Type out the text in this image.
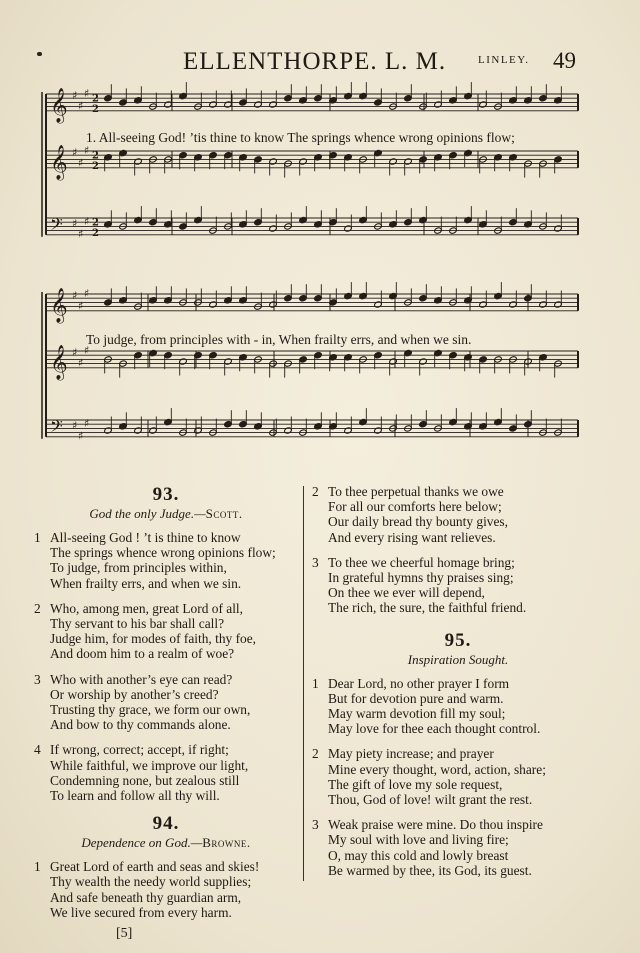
ELLENTHORPE. L. M.	LINLEY. 49
𝄞 ♯
♯
♯ 2
2
𝄞 ♯
♯
♯ 2
2
𝄢 ♯
♯
♯ 2
2
𝄞 ♯
♯
♯
𝄞 ♯
♯
♯
𝄢 ♯
♯
♯
1. All-seeing God! ’tis thine to know The springs whence wrong opinions flow;
To judge, from principles with - in, When frailty errs, and when we sin.
93.
God the only Judge.—Scott.
1 All-seeing God ! ’t is thine to know
The springs whence wrong opinions flow;
To judge, from principles within,
When frailty errs, and when we sin.
2 Who, among men, great Lord of all,
Thy servant to his bar shall call?
Judge him, for modes of faith, thy foe,
And doom him to a realm of woe?
3 Who with another’s eye can read?
Or worship by another’s creed?
Trusting thy grace, we form our own,
And bow to thy commands alone.
4 If wrong, correct; accept, if right;
While faithful, we improve our light,
Condemning none, but zealous still
To learn and follow all thy will.
94.
Dependence on God.—Browne.
1 Great Lord of earth and seas and skies!
Thy wealth the needy world supplies;
And safe beneath thy guardian arm,
We live secured from every harm.
[5]
2 To thee perpetual thanks we owe
For all our comforts here below;
Our daily bread thy bounty gives,
And every rising want relieves.
3 To thee we cheerful homage bring;
In grateful hymns thy praises sing;
On thee we ever will depend,
The rich, the sure, the faithful friend.
95.
Inspiration Sought.
1 Dear Lord, no other prayer I form
But for devotion pure and warm.
May warm devotion fill my soul;
May love for thee each thought control.
2 May piety increase; and prayer
Mine every thought, word, action, share;
The gift of love my sole request,
Thou, God of love! wilt grant the rest.
3 Weak praise were mine. Do thou inspire
My soul with love and living fire;
O, may this cold and lowly breast
Be warmed by thee, its God, its guest.
